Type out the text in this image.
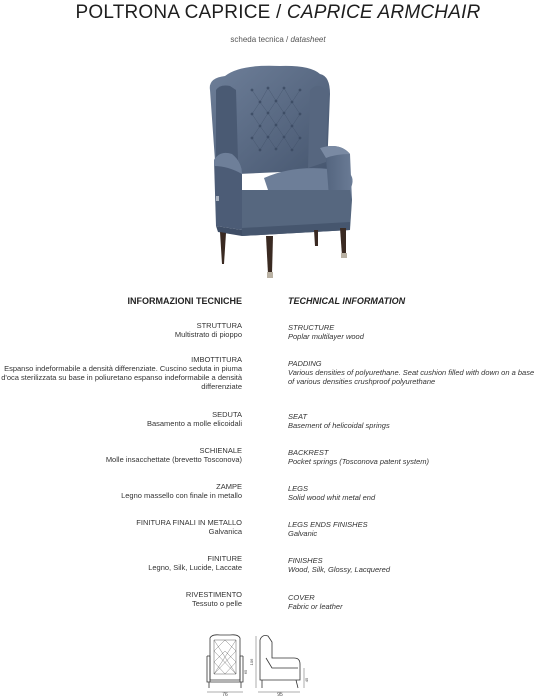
POLTRONA CAPRICE / CAPRICE ARMCHAIR
scheda tecnica / datasheet
INFORMAZIONI TECNICHE	TECHNICAL INFORMATION
STRUTTURA
Multistrato di pioppo
STRUCTURE
Poplar multilayer wood
IMBOTTITURA
Espanso indeformabile a densità differenziate. Cuscino seduta in piuma d'oca sterilizzata su base in poliuretano espanso indeformabile a densità differenziate
PADDING
Various densities of polyurethane. Seat cushion filled with down on a base of various densities crushproof polyurethane
SEDUTA
Basamento a molle elicoidali
SEAT
Basement of helicoidal springs
SCHIENALE
Molle insacchettate (brevetto Tosconova)
BACKREST
Pocket springs (Tosconova patent system)
ZAMPE
Legno massello con finale in metallo
LEGS
Solid wood whit metal end
FINITURA FINALI IN METALLO
Galvanica
LEGS ENDS FINISHES
Galvanic
FINITURE
Legno, Silk, Lucide, Laccate
FINISHES
Wood, Silk, Glossy, Lacquered
RIVESTIMENTO
Tessuto o pelle
COVER
Fabric or leather
76	95
106
45
65
